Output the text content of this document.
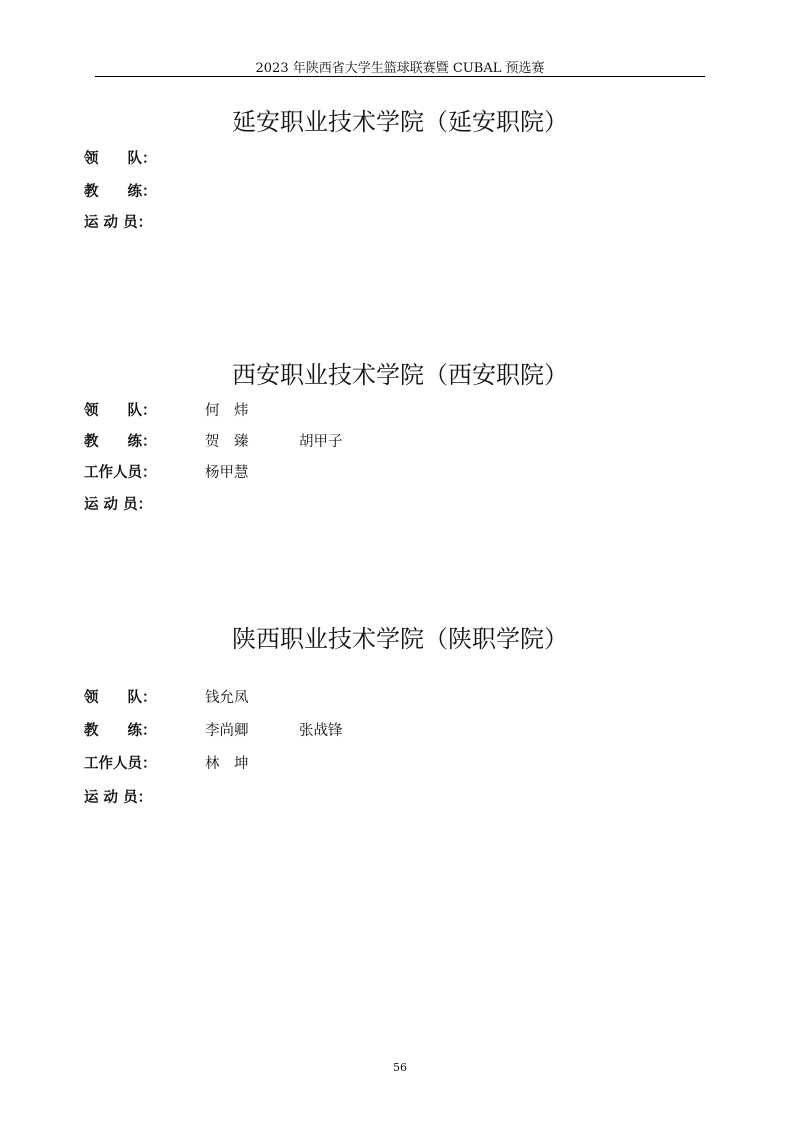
2023 年陕西省大学生篮球联赛暨 CUBAL 预选赛
延安职业技术学院（延安职院）
领　　队：
教　　练：
运 动 员：
西安职业技术学院（西安职院）
领　　队：	何　炜
教　　练：	贺　臻	胡甲子
工作人员：	杨甲慧
运 动 员：
陕西职业技术学院（陕职学院）
领　　队：	钱允凤
教　　练：	李尚卿	张战锋
工作人员：	林　坤
运 动 员：
56
